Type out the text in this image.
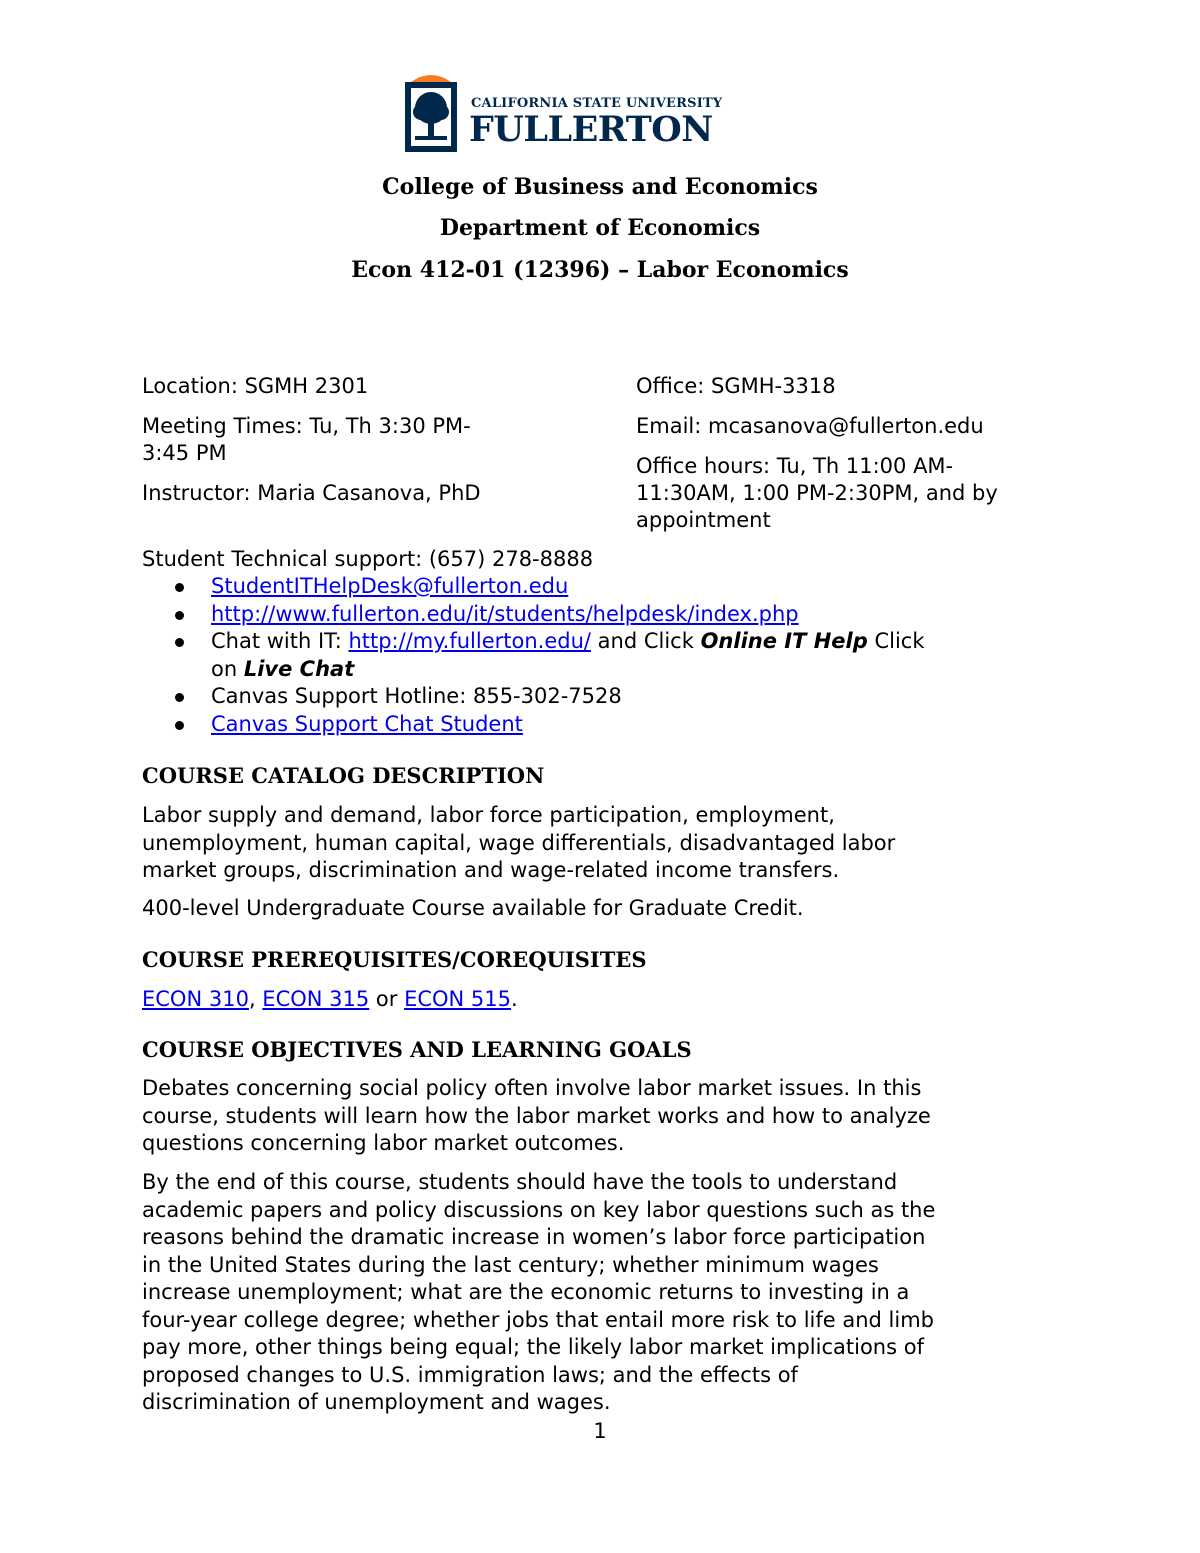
CALIFORNIA STATE UNIVERSITY
FULLERTON
College of Business and Economics
Department of Economics
Econ 412-01 (12396) – Labor Economics
Location: SGMH 2301
Meeting Times: Tu, Th 3:30 PM-
3:45 PM
Instructor: Maria Casanova, PhD
Office: SGMH-3318
Email: mcasanova@fullerton.edu
Office hours: Tu, Th 11:00 AM-
11:30AM, 1:00 PM-2:30PM, and by
appointment
Student Technical support: (657) 278-8888
StudentITHelpDesk@fullerton.edu
http://www.fullerton.edu/it/students/helpdesk/index.php
Chat with IT: http://my.fullerton.edu/ and Click Online IT Help Click
on Live Chat
Canvas Support Hotline: 855-302-7528
Canvas Support Chat Student
COURSE CATALOG DESCRIPTION
Labor supply and demand, labor force participation, employment,
unemployment, human capital, wage differentials, disadvantaged labor
market groups, discrimination and wage-related income transfers.
400-level Undergraduate Course available for Graduate Credit.
COURSE PREREQUISITES/COREQUISITES
ECON 310, ECON 315 or ECON 515.
COURSE OBJECTIVES AND LEARNING GOALS
Debates concerning social policy often involve labor market issues. In this
course, students will learn how the labor market works and how to analyze
questions concerning labor market outcomes.
By the end of this course, students should have the tools to understand
academic papers and policy discussions on key labor questions such as the
reasons behind the dramatic increase in women’s labor force participation
in the United States during the last century; whether minimum wages
increase unemployment; what are the economic returns to investing in a
four-year college degree; whether jobs that entail more risk to life and limb
pay more, other things being equal; the likely labor market implications of
proposed changes to U.S. immigration laws; and the effects of
discrimination of unemployment and wages.
1
